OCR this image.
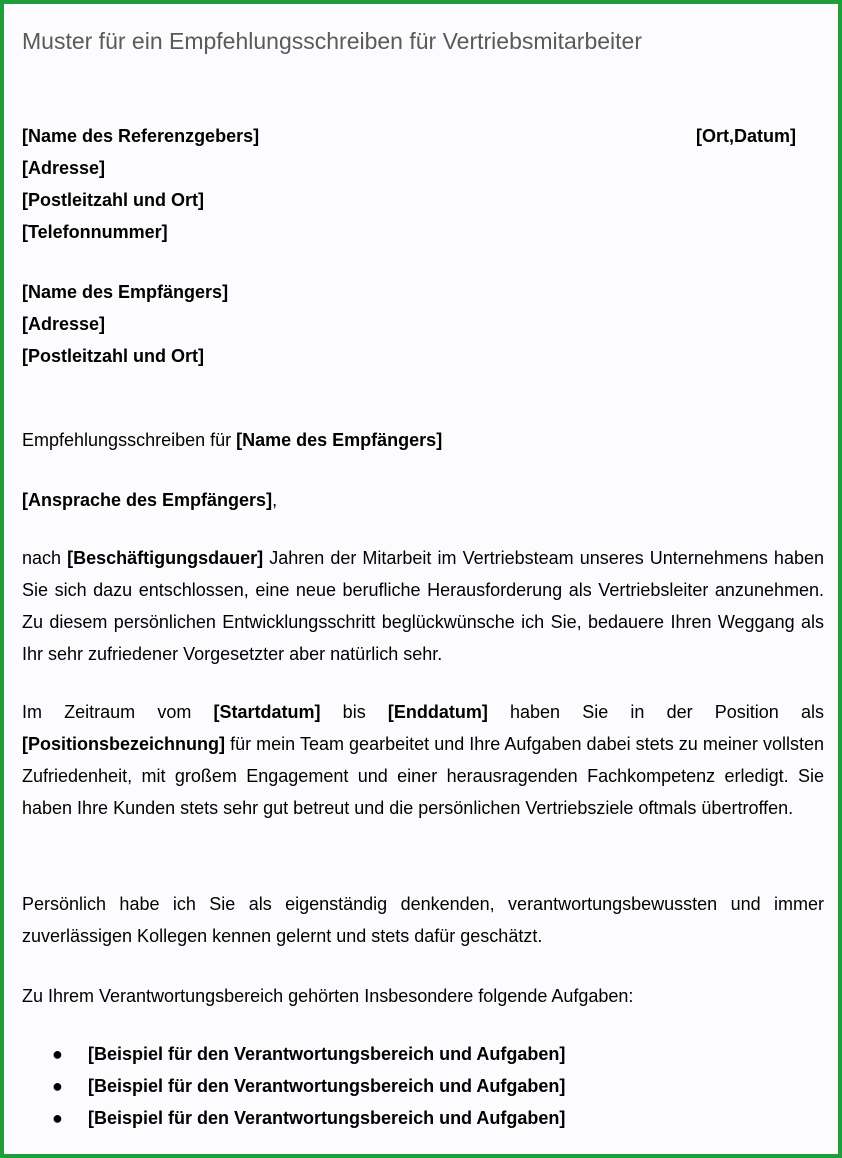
Muster für ein Empfehlungsschreiben für Vertriebsmitarbeiter
[Name des Referenzgebers]	[Ort,Datum]
[Adresse]
[Postleitzahl und Ort]
[Telefonnummer]
[Name des Empfängers]
[Adresse]
[Postleitzahl und Ort]
Empfehlungsschreiben für [Name des Empfängers]
[Ansprache des Empfängers],
nach [Beschäftigungsdauer] Jahren der Mitarbeit im Vertriebsteam unseres Unternehmens haben Sie sich dazu entschlossen, eine neue berufliche Herausforderung als Vertriebsleiter anzunehmen. Zu diesem persönlichen Entwicklungsschritt beglückwünsche ich Sie, bedauere Ihren Weggang als Ihr sehr zufriedener Vorgesetzter aber natürlich sehr.
Im Zeitraum vom [Startdatum] bis [Enddatum] haben Sie in der Position als [Positionsbezeichnung] für mein Team gearbeitet und Ihre Aufgaben dabei stets zu meiner vollsten Zufriedenheit, mit großem Engagement und einer herausragenden Fachkompetenz erledigt. Sie haben Ihre Kunden stets sehr gut betreut und die persönlichen Vertriebsziele oftmals übertroffen.
Persönlich habe ich Sie als eigenständig denkenden, verantwortungsbewussten und immer zuverlässigen Kollegen kennen gelernt und stets dafür geschätzt.
Zu Ihrem Verantwortungsbereich gehörten Insbesondere folgende Aufgaben:
● [Beispiel für den Verantwortungsbereich und Aufgaben]
● [Beispiel für den Verantwortungsbereich und Aufgaben]
● [Beispiel für den Verantwortungsbereich und Aufgaben]
